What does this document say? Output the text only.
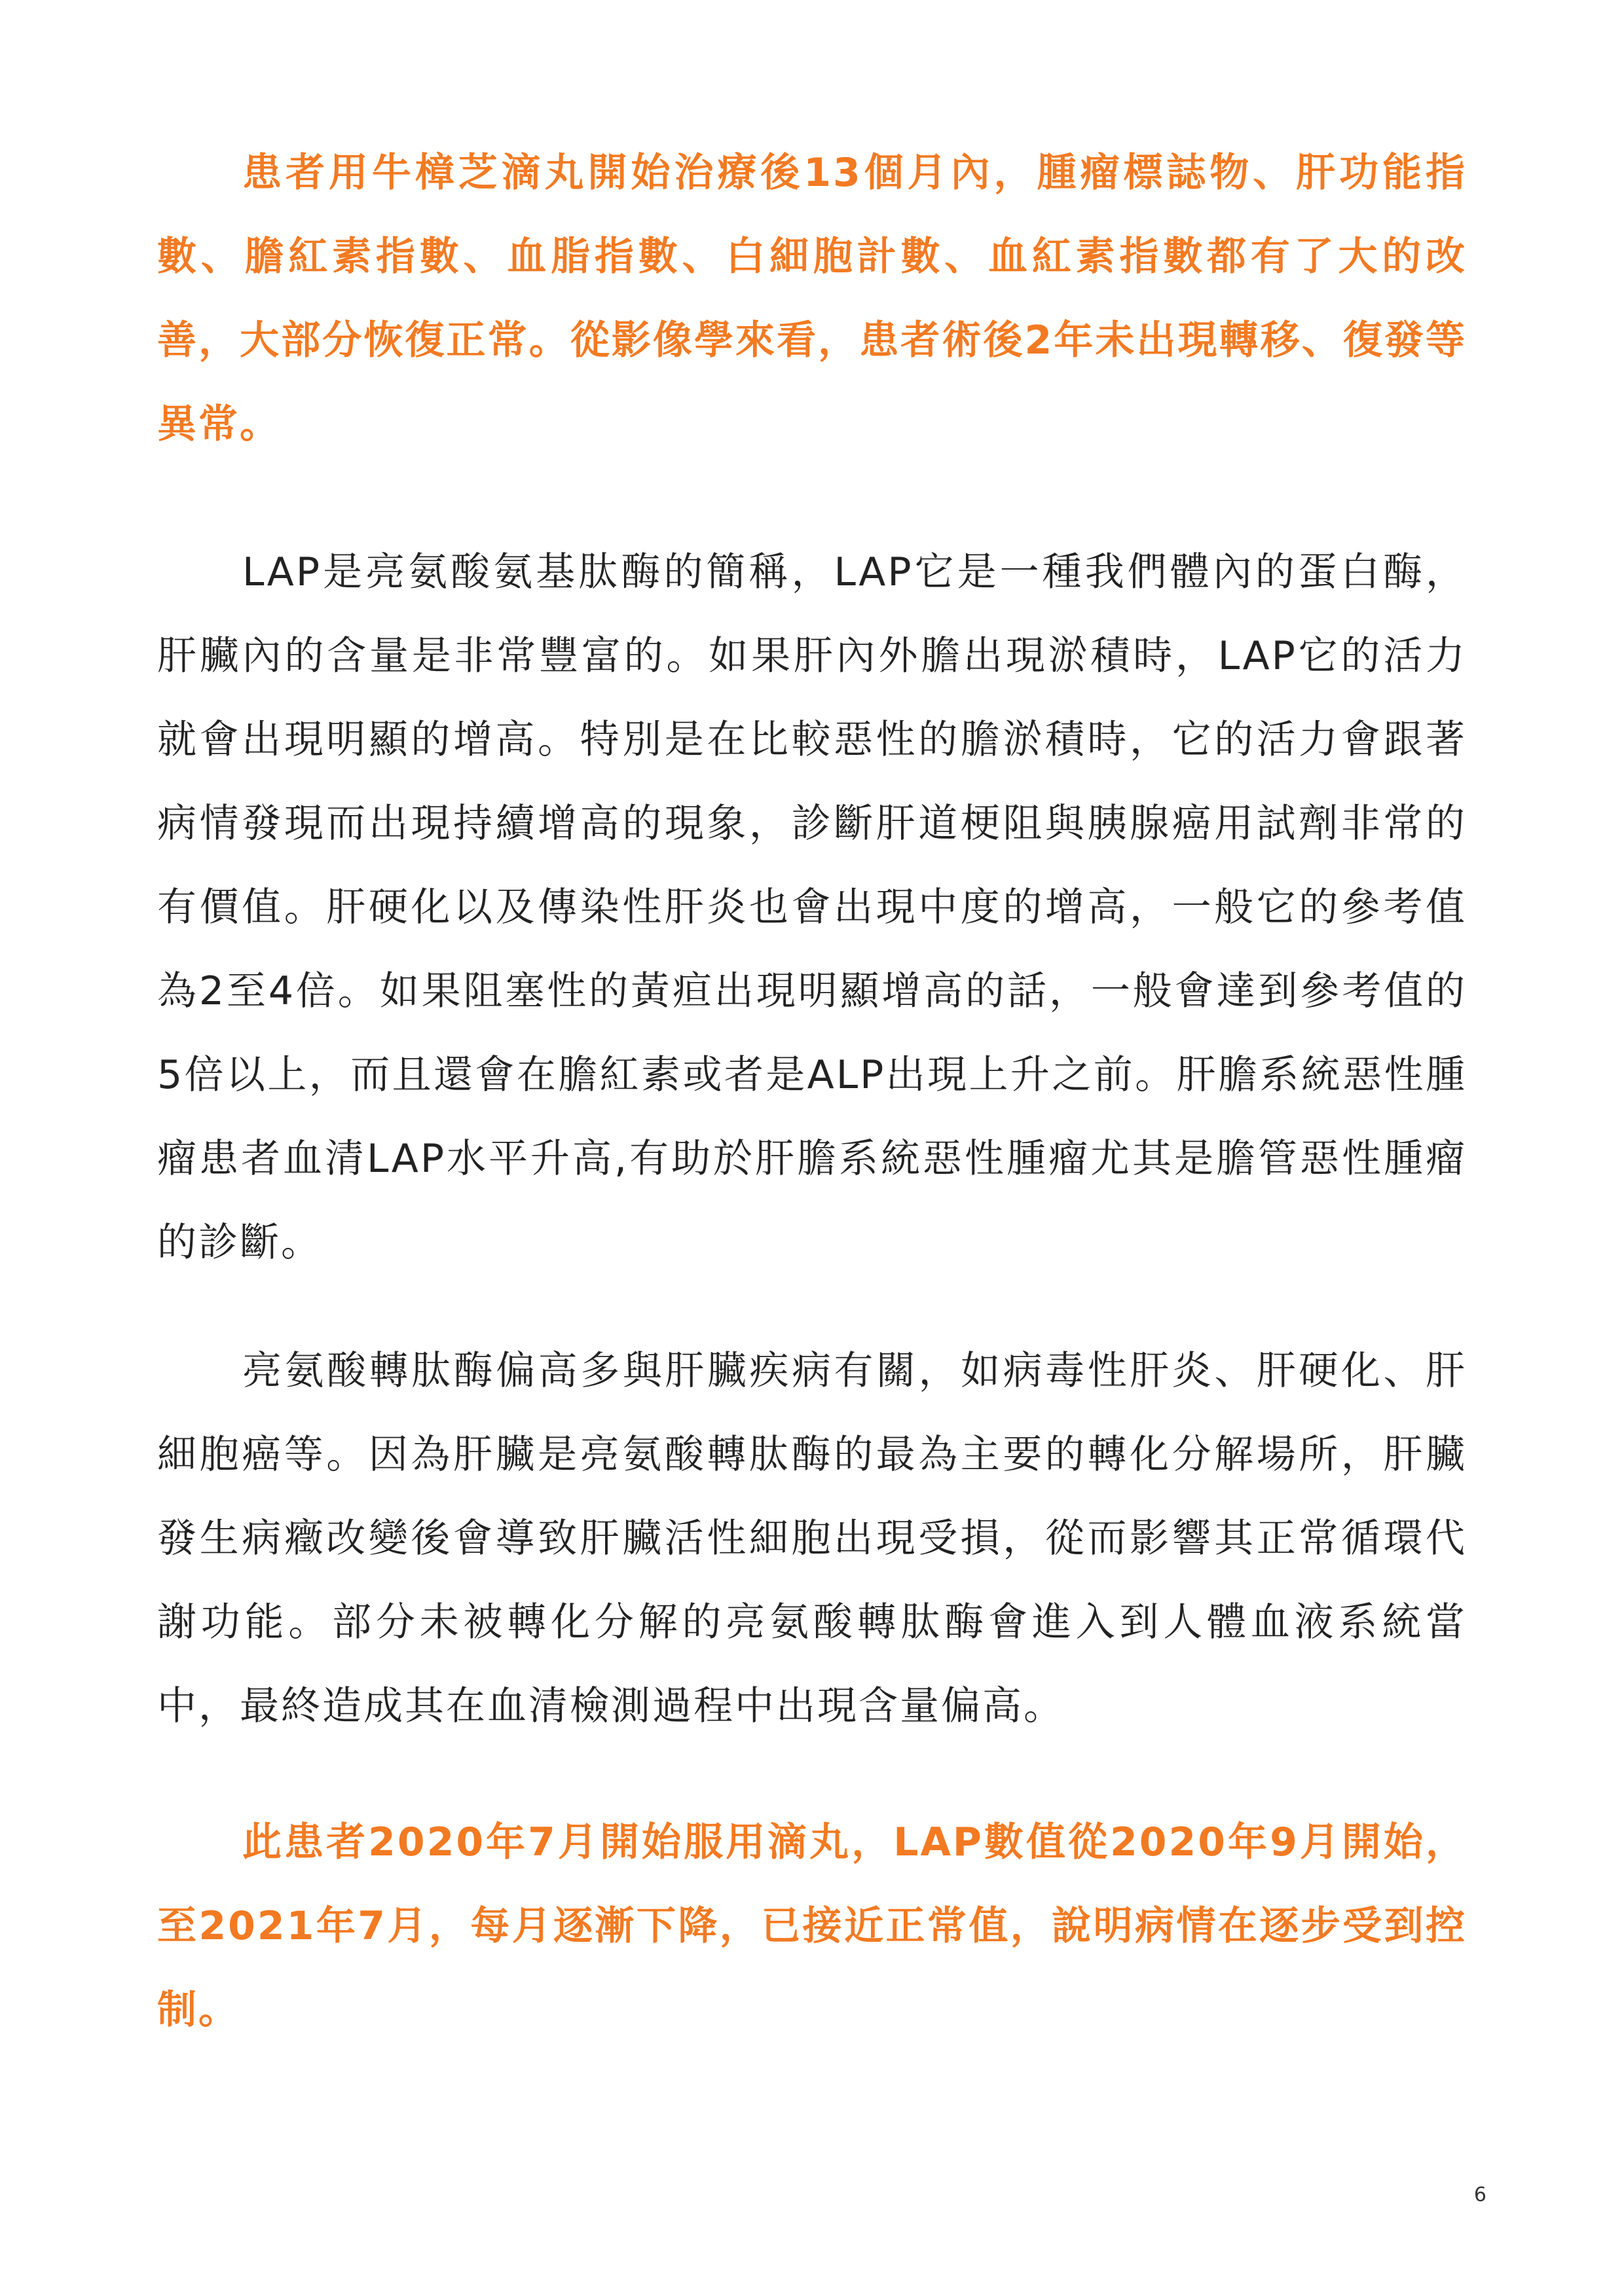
患者用牛樟芝滴丸開始治療後13個月內，腫瘤標誌物、肝功能指數、膽紅素指數、血脂指數、白細胞計數、血紅素指數都有了大的改善，大部分恢復正常。從影像學來看，患者術後2年未出現轉移、復發等異常。

LAP是亮氨酸氨基肽酶的簡稱，LAP它是一種我們體內的蛋白酶，肝臟內的含量是非常豐富的。如果肝內外膽出現淤積時，LAP它的活力就會出現明顯的增高。特別是在比較惡性的膽淤積時，它的活力會跟著病情發現而出現持續增高的現象，診斷肝道梗阻與胰腺癌用試劑非常的有價值。肝硬化以及傳染性肝炎也會出現中度的增高，一般它的參考值為2至4倍。如果阻塞性的黃疸出現明顯增高的話，一般會達到參考值的5倍以上，而且還會在膽紅素或者是ALP出現上升之前。肝膽系統惡性腫瘤患者血清LAP水平升高,有助於肝膽系統惡性腫瘤尤其是膽管惡性腫瘤的診斷。

亮氨酸轉肽酶偏高多與肝臟疾病有關，如病毒性肝炎、肝硬化、肝細胞癌等。因為肝臟是亮氨酸轉肽酶的最為主要的轉化分解場所，肝臟發生病癥改變後會導致肝臟活性細胞出現受損，從而影響其正常循環代謝功能。部分未被轉化分解的亮氨酸轉肽酶會進入到人體血液系統當中，最終造成其在血清檢測過程中出現含量偏高。

此患者2020年7月開始服用滴丸，LAP數值從2020年9月開始，至2021年7月，每月逐漸下降，已接近正常值，說明病情在逐步受到控制。

6
